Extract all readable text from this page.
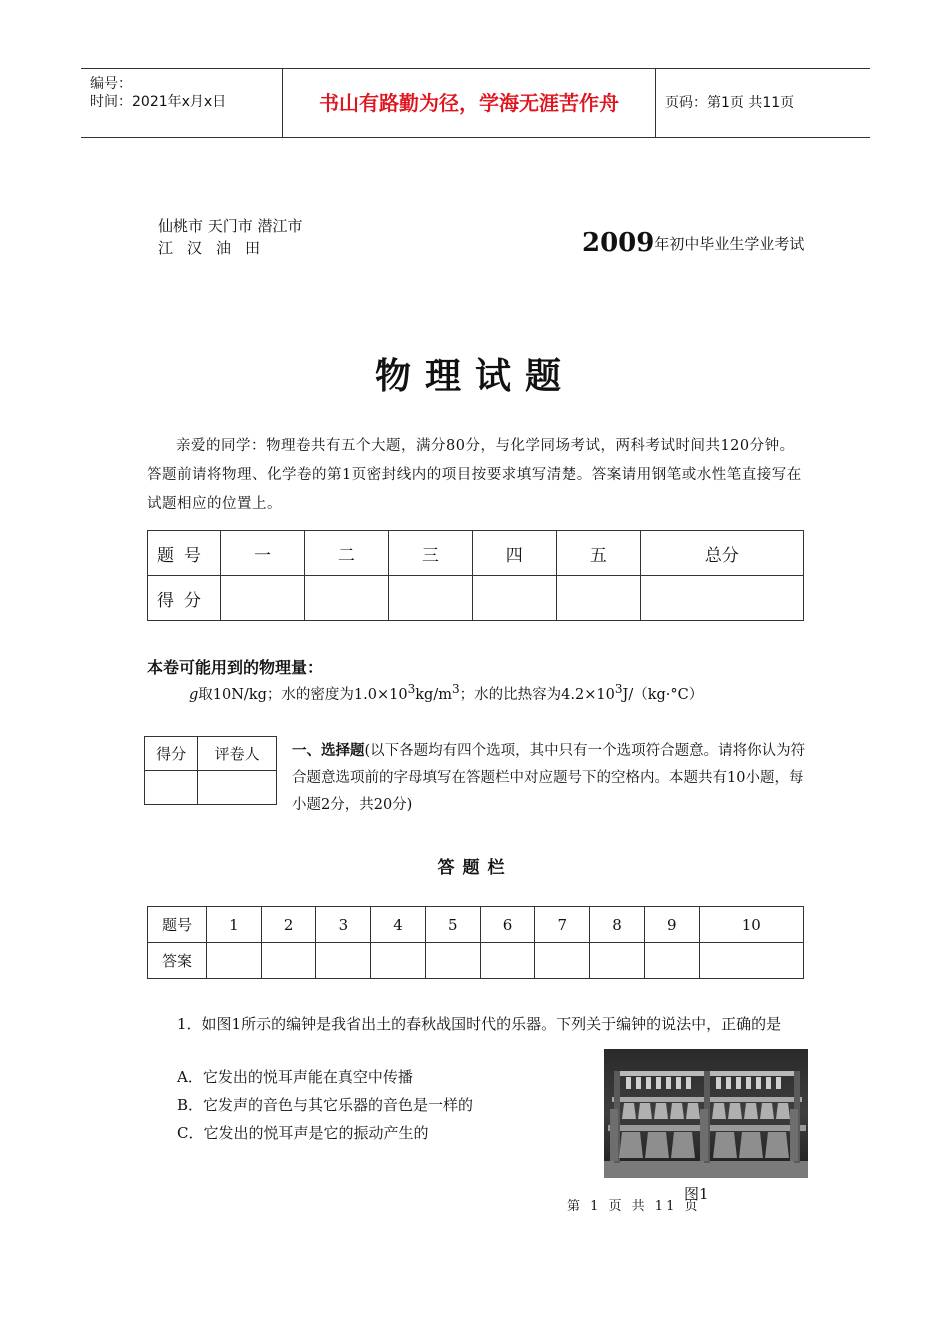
编号：
时间：2021年x月x日	书山有路勤为径，学海无涯苦作舟	页码：第1页 共11页
仙桃市 天门市 潜江市
江汉油田	2009年初中毕业生学业考试
物理试题
亲爱的同学：物理卷共有五个大题，满分80分，与化学同场考试，两科考试时间共120分钟。答题前请将物理、化学卷的第1页密封线内的项目按要求填写清楚。答案请用钢笔或水性笔直接写在试题相应的位置上。
题号	一	二	三	四	五	总分
得分						
本卷可能用到的物理量：
g取10N/kg；水的密度为$1.0\times 10^3kg/m^3$；水的比热容为$4.2\times 10^3J/(kg\cdot^\circ C)$
得分	评卷人
	一、选择题(以下各题均有四个选项，其中只有一个选项符合题意。请将你认为符合题意选项前的字母填写在答题栏中对应题号下的空格内。本题共有10小题，每小题2分，共20分)
答题栏
题号	1	2	3	4	5	6	7	8	9	10
答案										
1．如图1所示的编钟是我省出土的春秋战国时代的乐器。下列关于编钟的说法中，正确的是
A．它发出的悦耳声能在真空中传播
B．它发声的音色与其它乐器的音色是一样的
C．它发出的悦耳声是它的振动产生的
图1
第 1 页 共 11 页
